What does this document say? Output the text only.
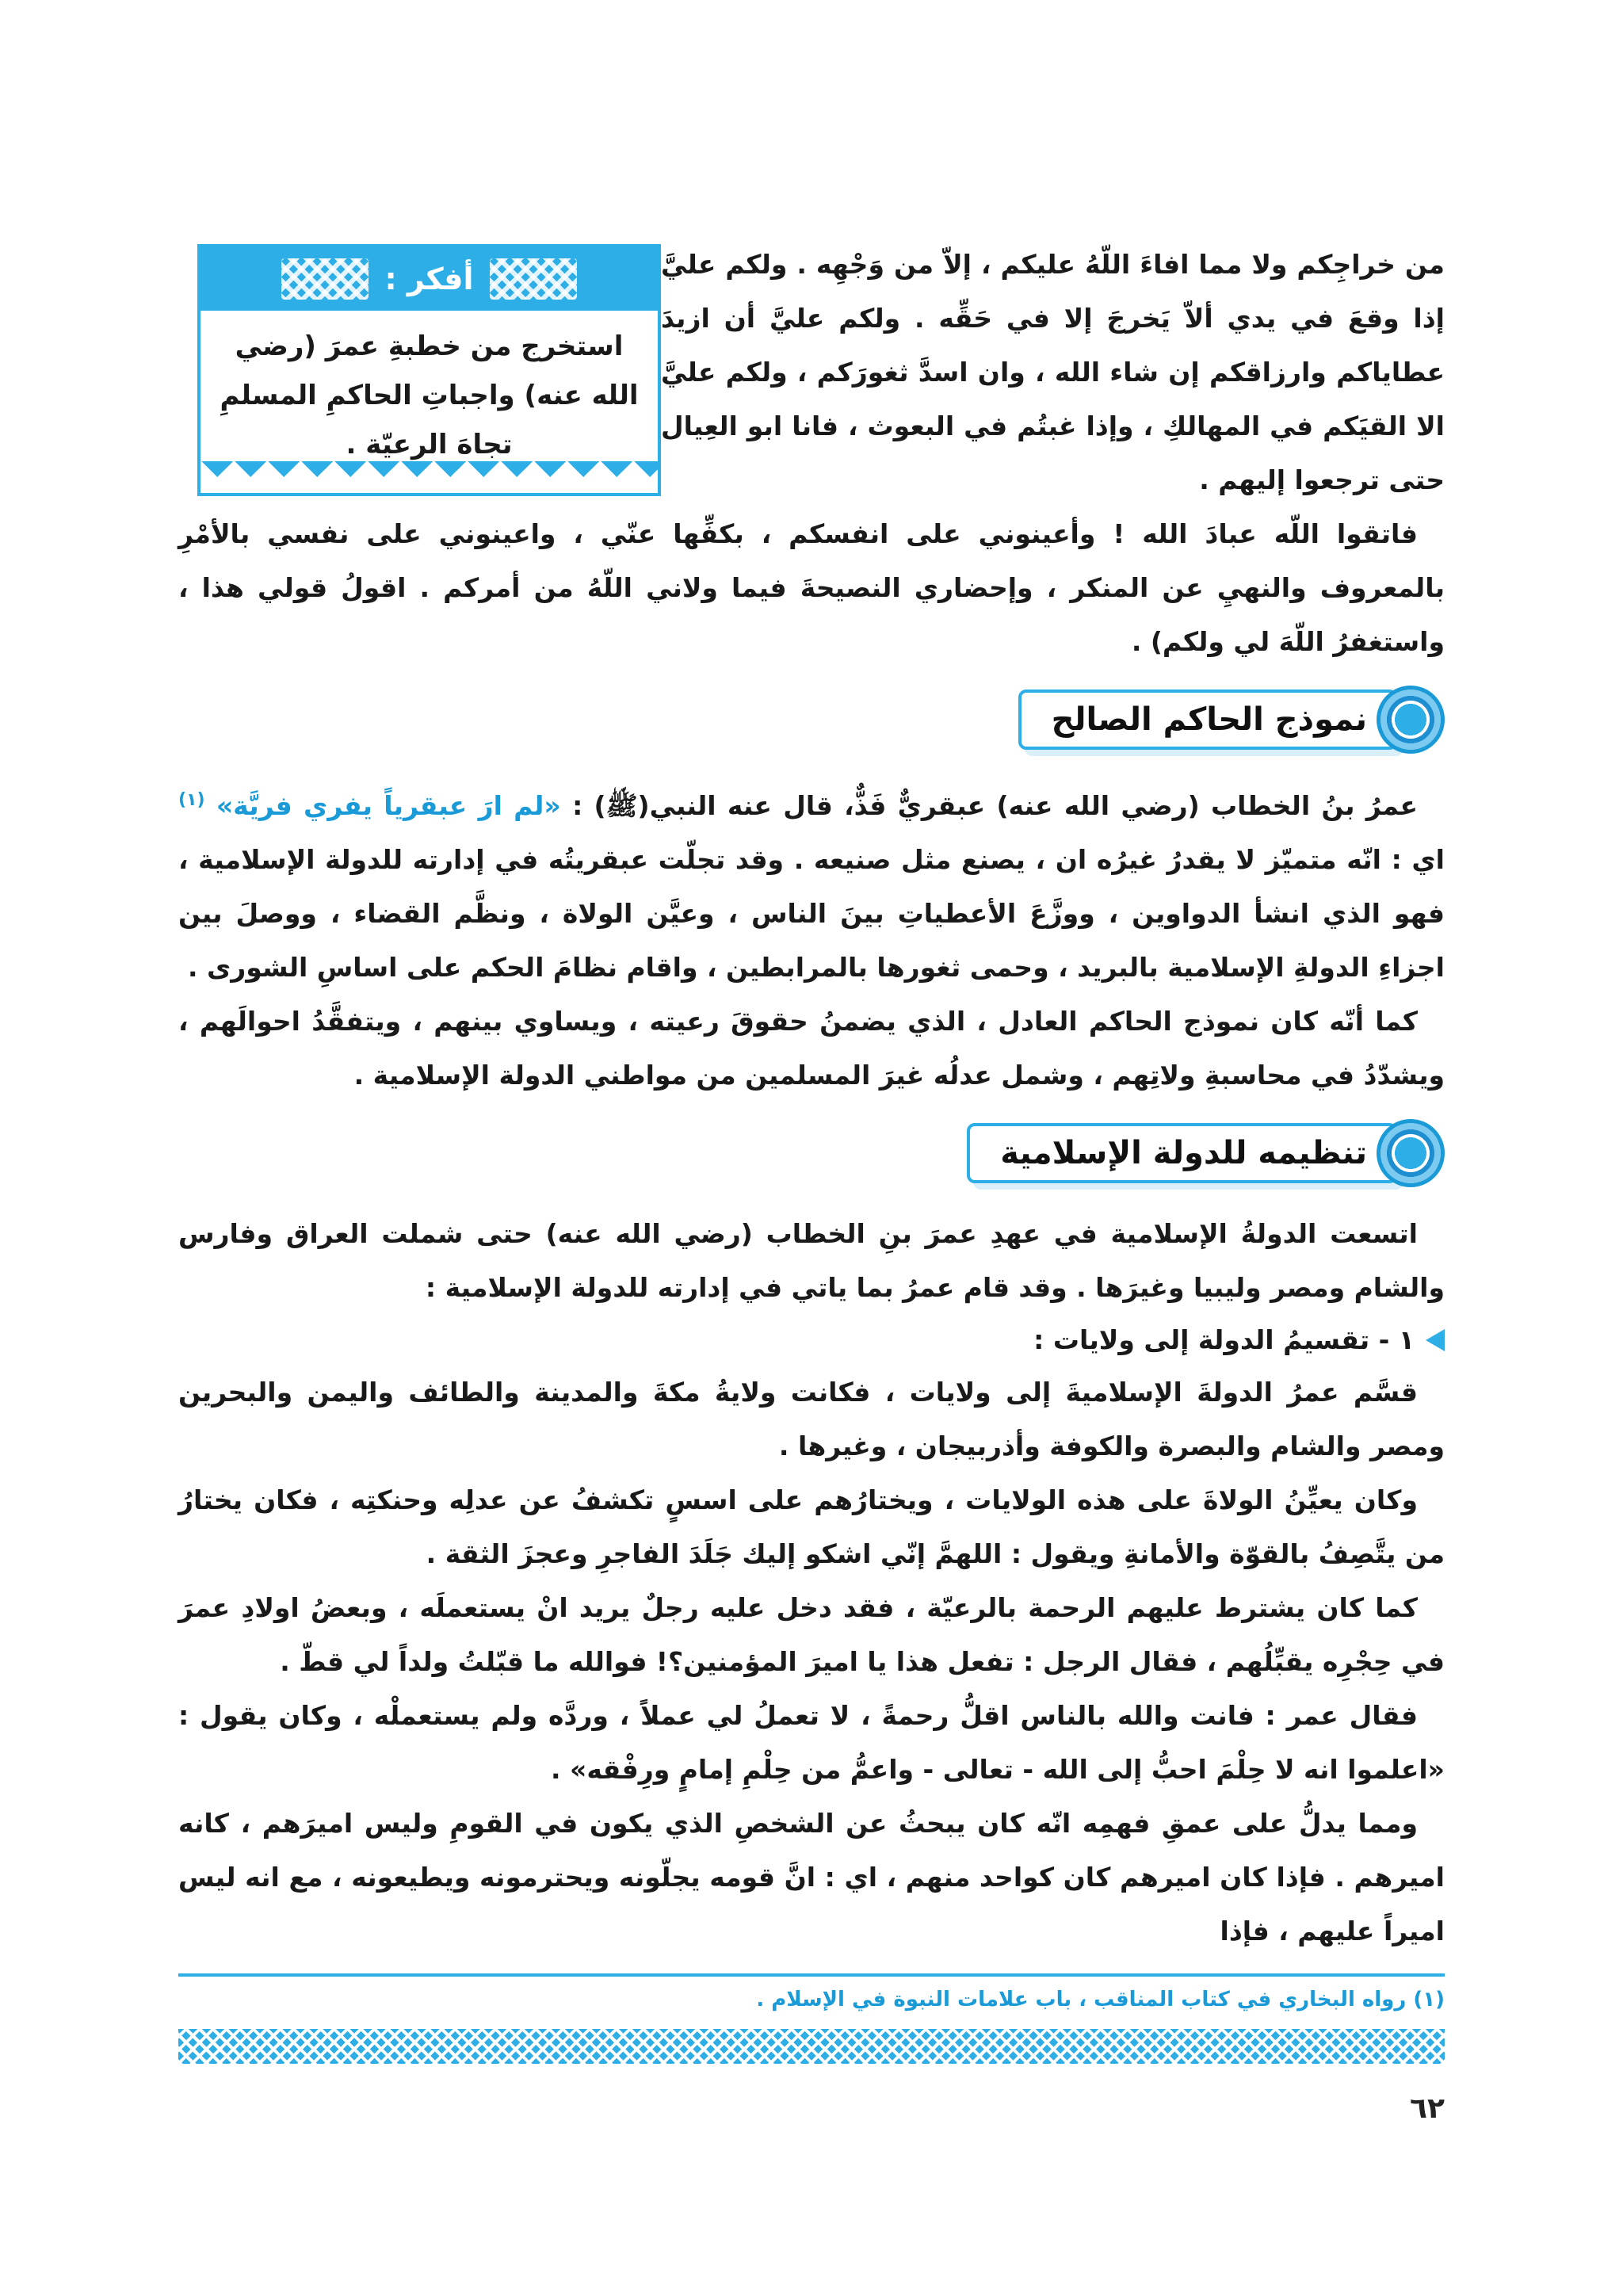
أفكر :
استخرج من خطبةِ عمرَ (رضي الله عنه) واجباتِ الحاكمِ المسلمِ تجاهَ الرعيّة .

من خراجِكم ولا مما افاءَ اللّهُ عليكم ، إلاّ من وَجْهِه . ولكم عليَّ إذا وقعَ في يدي ألاّ يَخرجَ إلا في حَقِّه . ولكم عليَّ أن ازيدَ عطاياكم وارزاقكم إن شاء الله ، وان اسدَّ ثغورَكم ، ولكم عليَّ الا القيَكم في المهالكِ ، وإذا غبتُم في البعوث ، فانا ابو العِيال حتى ترجعوا إليهم .

فاتقوا اللّه عبادَ الله ! وأعينوني على انفسكم ، بكفِّها عنّي ، واعينوني على نفسي بالأمْرِ بالمعروف والنهيِ عن المنكر ، وإحضاري النصيحةَ فيما ولاني اللّهُ من أمركم . اقولُ قولي هذا ، واستغفرُ اللّهَ لي ولكم) .

نموذج الحاكم الصالح

عمرُ بنُ الخطاب (رضي الله عنه) عبقريٌّ فَذٌّ، قال عنه النبي(ﷺ) : «لم ارَ عبقرياً يفري فريَّة» $^{(١)}$ اي : انّه متميّز لا يقدرُ غيرُه ان ، يصنع مثل صنيعه . وقد تجلّت عبقريتُه في إدارته للدولة الإسلامية ، فهو الذي انشأ الدواوين ، ووزَّعَ الأعطياتِ بينَ الناس ، وعيَّن الولاة ، ونظَّم القضاء ، ووصلَ بين اجزاءِ الدولةِ الإسلامية بالبريد ، وحمى ثغورها بالمرابطين ، واقام نظامَ الحكم على اساسِ الشورى .

كما أنّه كان نموذج الحاكم العادل ، الذي يضمنُ حقوقَ رعيته ، ويساوي بينهم ، ويتفقَّدُ احوالَهم ، ويشدّدُ في محاسبةِ ولاتِهم ، وشمل عدلُه غيرَ المسلمين من مواطني الدولة الإسلامية .

تنظيمه للدولة الإسلامية

اتسعت الدولةُ الإسلامية في عهدِ عمرَ بنِ الخطاب (رضي الله عنه) حتى شملت العراق وفارس والشام ومصر وليبيا وغيرَها . وقد قام عمرُ بما ياتي في إدارته للدولة الإسلامية :

١ - تقسيمُ الدولة إلى ولايات :

قسَّم عمرُ الدولةَ الإسلاميةَ إلى ولايات ، فكانت ولايةُ مكةَ والمدينة والطائف واليمن والبحرين ومصر والشام والبصرة والكوفة وأذربيجان ، وغيرها .

وكان يعيِّنُ الولاةَ على هذه الولايات ، ويختارُهم على اسسٍ تكشفُ عن عدلِه وحنكتِه ، فكان يختارُ من يتَّصِفُ بالقوّة والأمانةِ ويقول : اللهمَّ إنّي اشكو إليك جَلَدَ الفاجرِ وعجزَ الثقة .

كما كان يشترط عليهم الرحمة بالرعيّة ، فقد دخل عليه رجلٌ يريد انْ يستعملَه ، وبعضُ اولادِ عمرَ في حِجْرِه يقبِّلُهم ، فقال الرجل : تفعل هذا يا اميرَ المؤمنين؟! فوالله ما قبّلتُ ولداً لي قطّ .

فقال عمر : فانت والله بالناس اقلُّ رحمةً ، لا تعملُ لي عملاً ، وردَّه ولم يستعملْه ، وكان يقول : «اعلموا انه لا حِلْمَ احبُّ إلى الله - تعالى - واعمُّ من حِلْمِ إمامٍ ورِفْقه» .

ومما يدلُّ على عمقِ فهمِه انّه كان يبحثُ عن الشخصِ الذي يكون في القومِ وليس اميرَهم ، كانه اميرهم . فإذا كان اميرهم كان كواحد منهم ، اي : انَّ قومه يجلّونه ويحترمونه ويطيعونه ، مع انه ليس اميراً عليهم ، فإذا

(١) رواه البخاري في كتاب المناقب ، باب علامات النبوة في الإسلام .
٦٢
